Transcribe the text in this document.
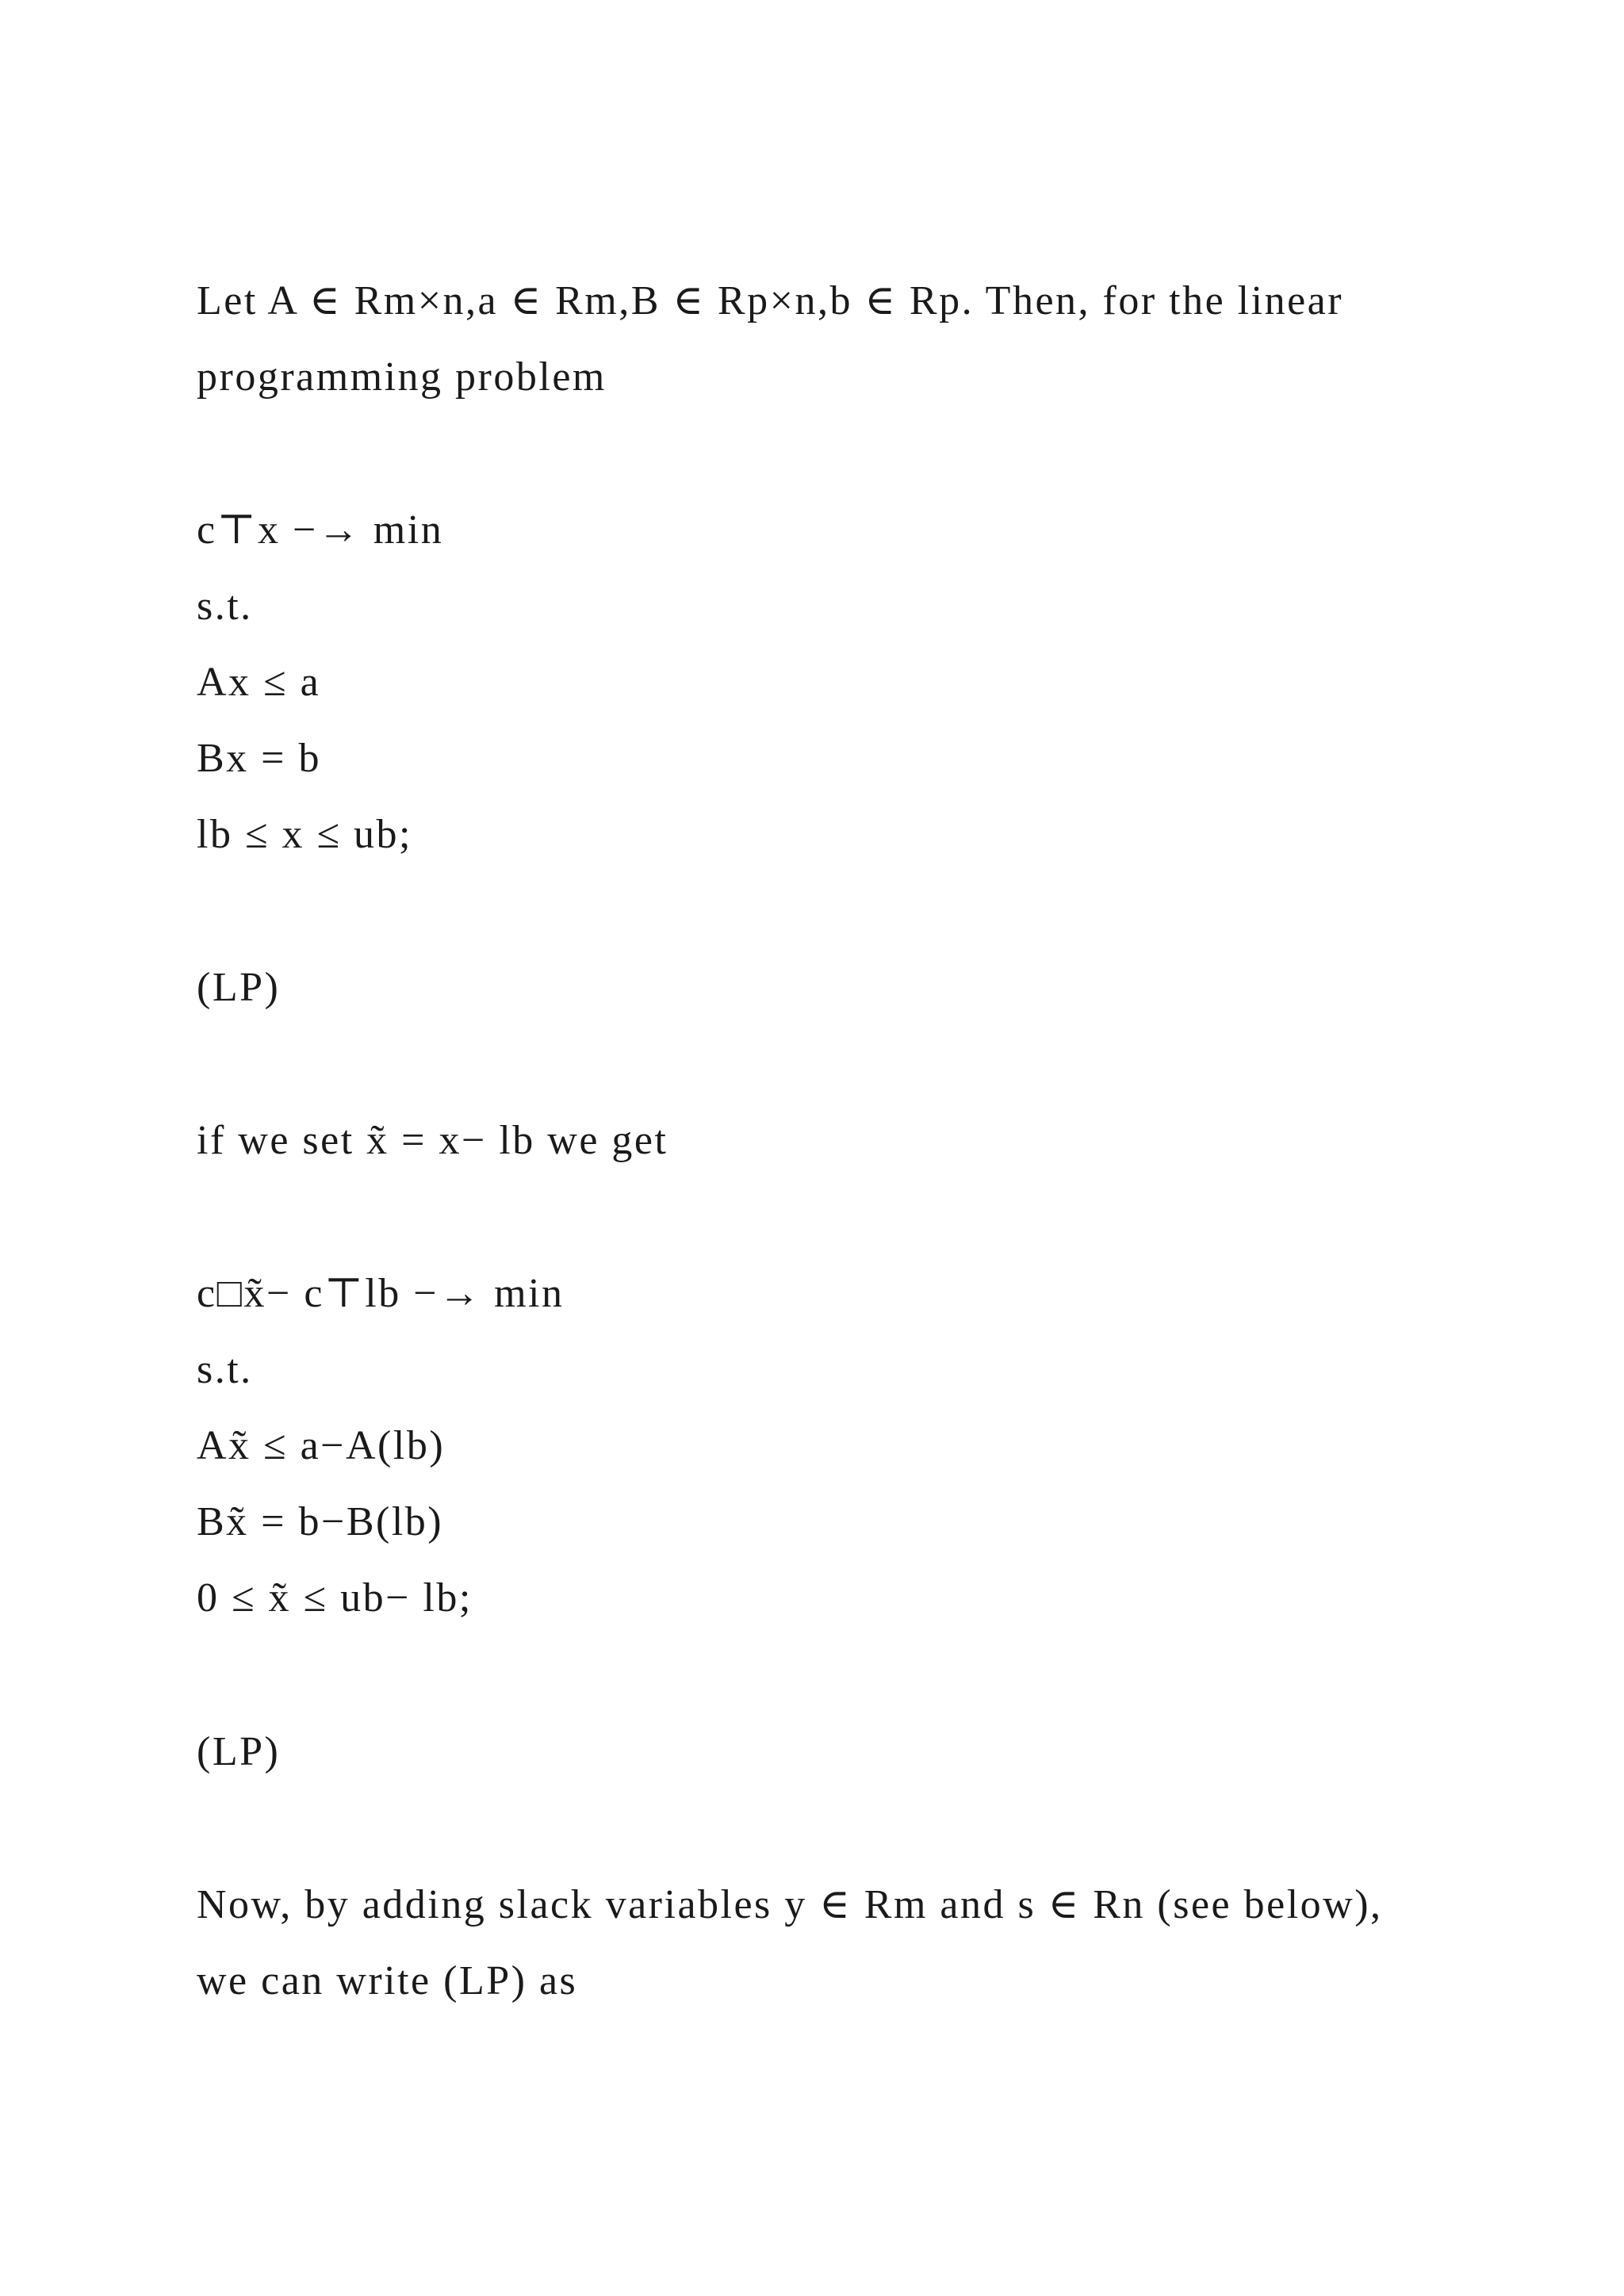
Let A ∈ Rm×n,a ∈ Rm,B ∈ Rp×n,b ∈ Rp. Then, for the linear
programming problem
c⊤x −→ min
s.t.
Ax ≤ a
Bx = b
lb ≤ x ≤ ub;
(LP)
if we set x̃ = x− lb we get
c□x̃− c⊤lb −→ min
s.t.
Ax̃ ≤ a−A(lb)
Bx̃ = b−B(lb)
0 ≤ x̃ ≤ ub− lb;
(LP)
Now, by adding slack variables y ∈ Rm and s ∈ Rn (see below),
we can write (LP) as
